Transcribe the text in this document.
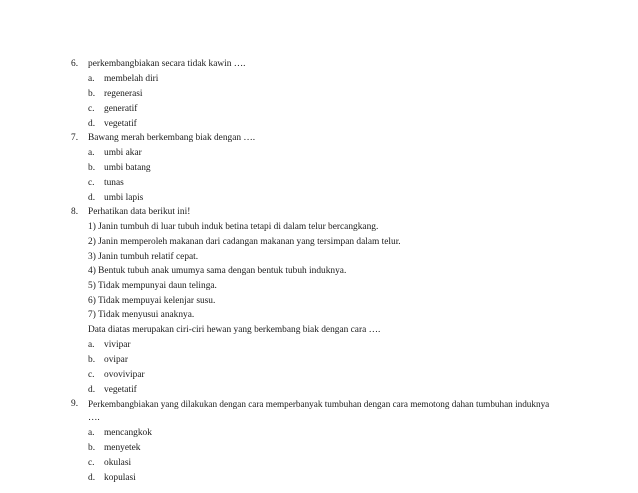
6. perkembangbiakan secara tidak kawin ….
a. membelah diri
b. regenerasi
c. generatif
d. vegetatif
7. Bawang merah berkembang biak dengan ….
a. umbi akar
b. umbi batang
c. tunas
d. umbi lapis
8. Perhatikan data berikut ini!
1) Janin tumbuh di luar tubuh induk betina tetapi di dalam telur bercangkang.
2) Janin memperoleh makanan dari cadangan makanan yang tersimpan dalam telur.
3) Janin tumbuh relatif cepat.
4) Bentuk tubuh anak umumya sama dengan bentuk tubuh induknya.
5) Tidak mempunyai daun telinga.
6) Tidak mempuyai kelenjar susu.
7) Tidak menyusui anaknya.
Data diatas merupakan ciri-ciri hewan yang berkembang biak dengan cara ….
a. vivipar
b. ovipar
c. ovovivipar
d. vegetatif
9. Perkembangbiakan yang dilakukan dengan cara memperbanyak tumbuhan dengan cara memotong dahan tumbuhan induknya
….
a. mencangkok
b. menyetek
c. okulasi
d. kopulasi
